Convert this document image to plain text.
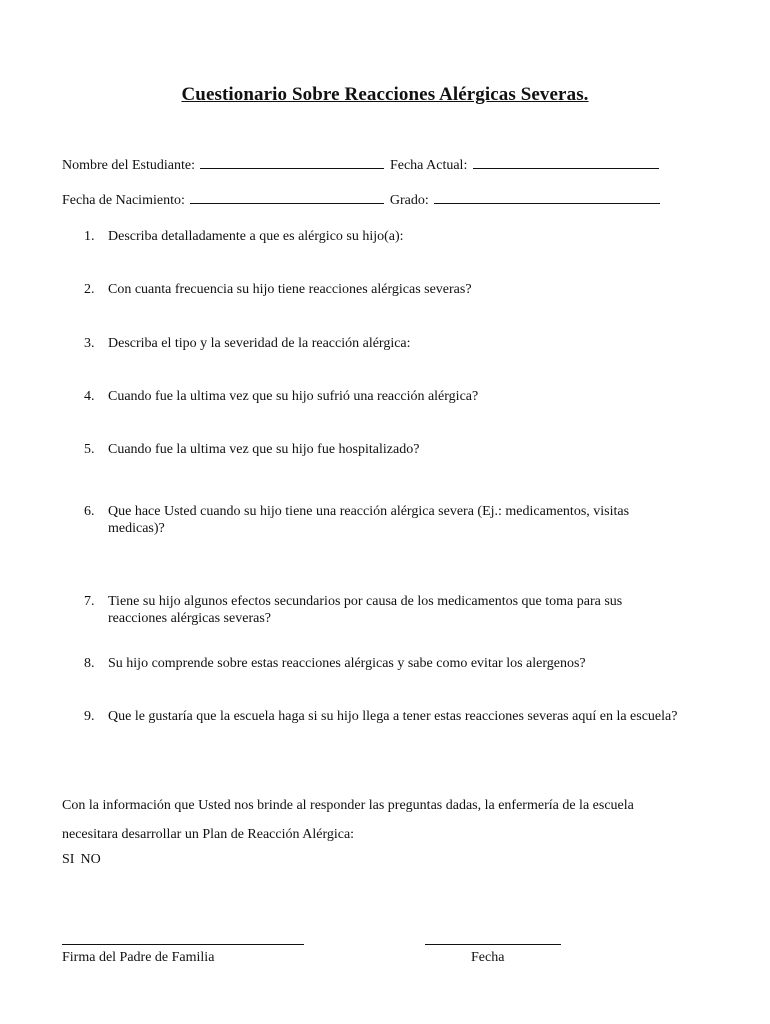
Cuestionario Sobre Reacciones Alérgicas Severas.
Nombre del Estudiante:	Fecha Actual:
Fecha de Nacimiento:	Grado:
1. Describa detalladamente a que es alérgico su hijo(a):
2. Con cuanta frecuencia su hijo tiene reacciones alérgicas severas?
3. Describa el tipo y la severidad de la reacción alérgica:
4. Cuando fue la ultima vez que su hijo sufrió una reacción alérgica?
5. Cuando fue la ultima vez que su hijo fue hospitalizado?
6. Que hace Usted cuando su hijo tiene una reacción alérgica severa (Ej.: medicamentos, visitas medicas)?
7. Tiene su hijo algunos efectos secundarios por causa de los medicamentos que toma para sus reacciones alérgicas severas?
8. Su hijo comprende sobre estas reacciones alérgicas y sabe como evitar los alergenos?
9. Que le gustaría que la escuela haga si su hijo llega a tener estas reacciones severas aquí en la escuela?

Con la información que Usted nos brinde al responder las preguntas dadas, la enfermería de la escuela

necesitara desarrollar un Plan de Reacción Alérgica:

SI NO
Firma del Padre de Familia	Fecha
